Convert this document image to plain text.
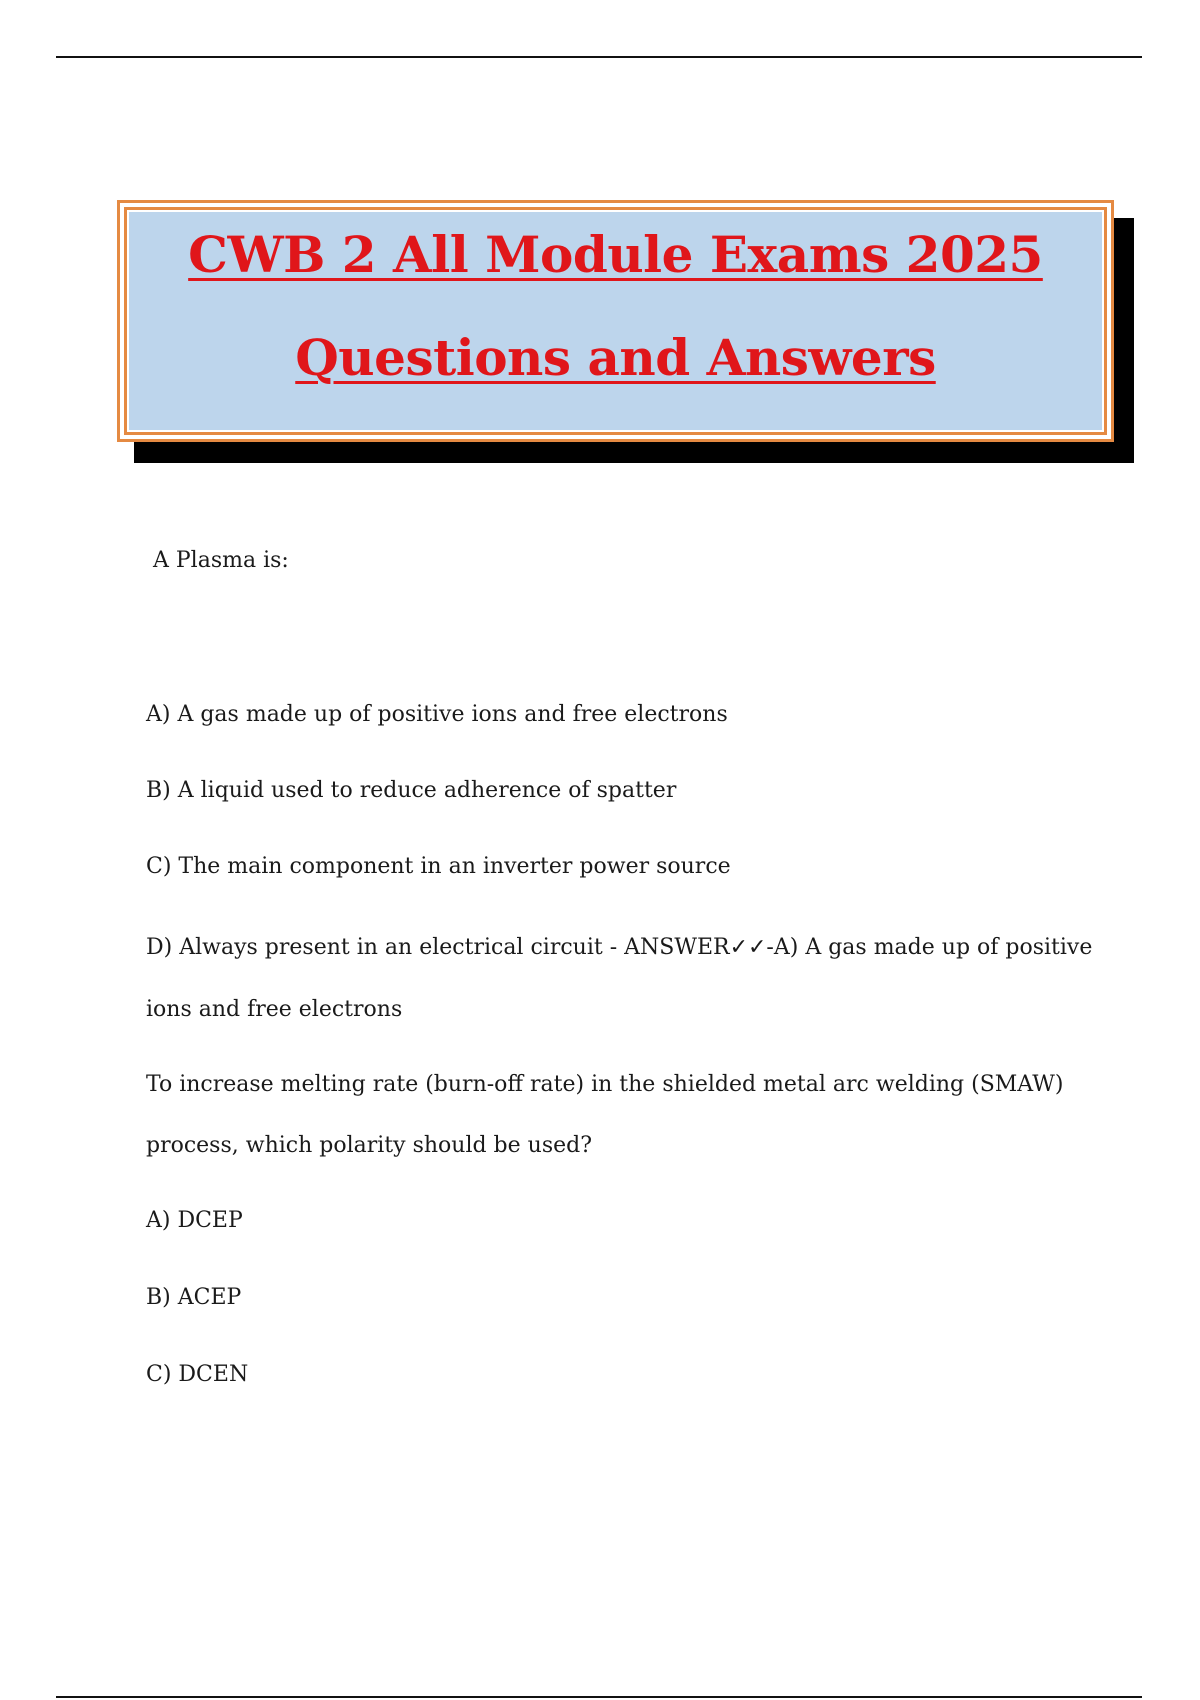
CWB 2 All Module Exams 2025
Questions and Answers
A Plasma is:
A) A gas made up of positive ions and free electrons
B) A liquid used to reduce adherence of spatter
C) The main component in an inverter power source
D) Always present in an electrical circuit - ANSWER✓✓-A) A gas made up of positive
ions and free electrons
To increase melting rate (burn-off rate) in the shielded metal arc welding (SMAW)
process, which polarity should be used?
A) DCEP
B) ACEP
C) DCEN
